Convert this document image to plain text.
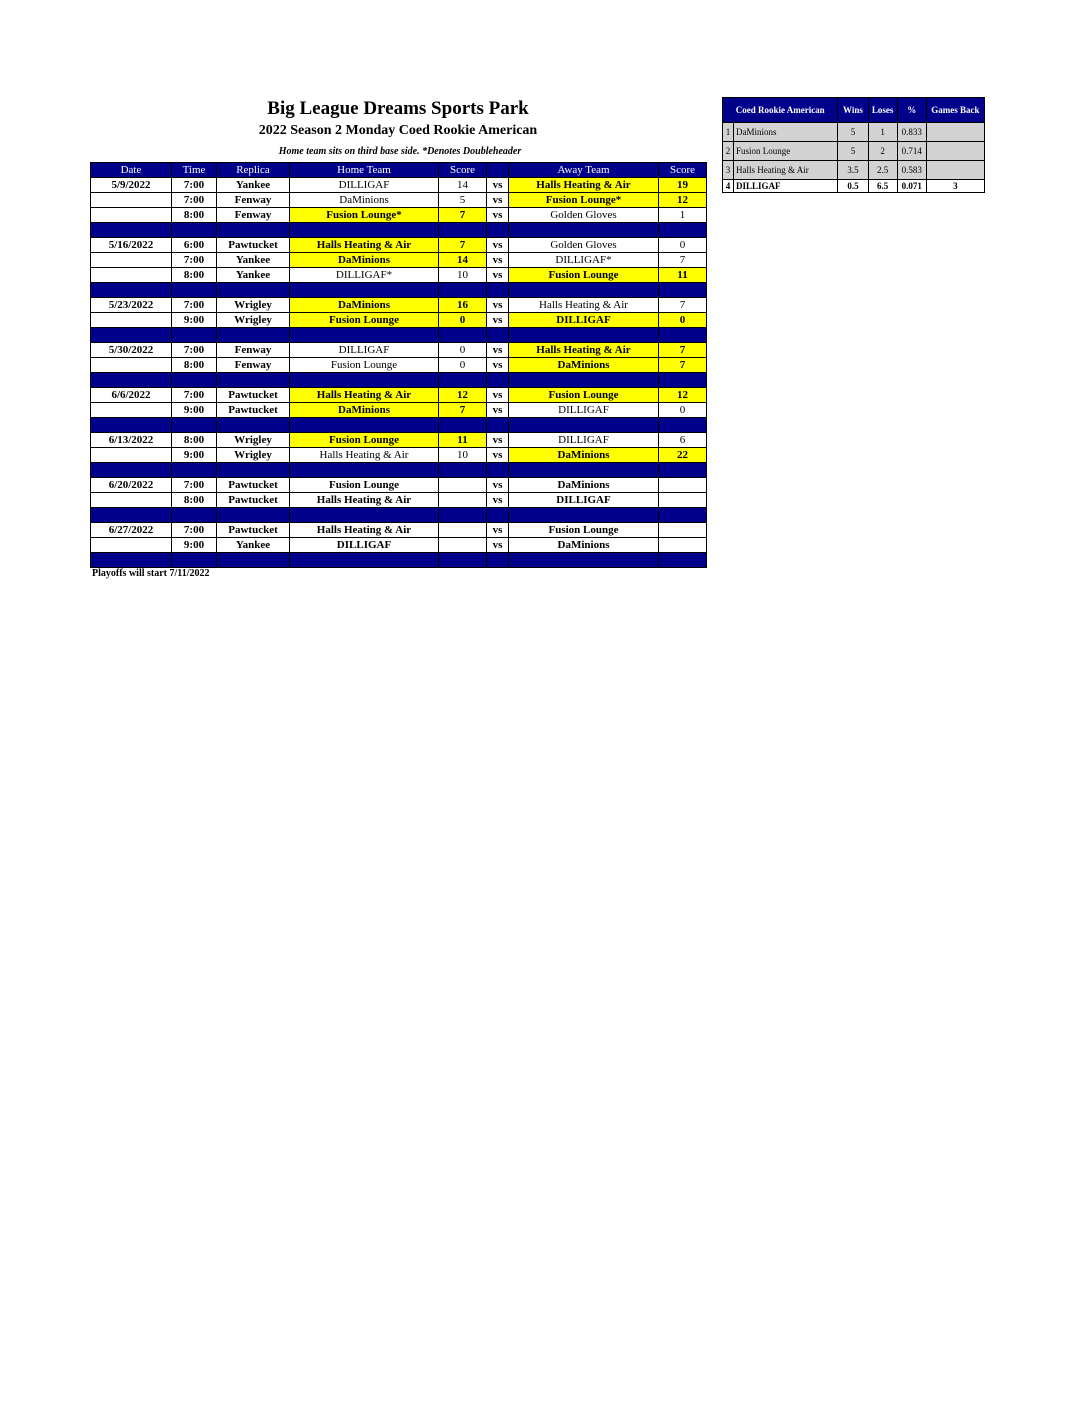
Big League Dreams Sports Park
2022 Season 2 Monday Coed Rookie American
Home team sits on third base side. *Denotes Doubleheader
Date	Time	Replica	Home Team	Score		Away Team	Score
5/9/2022	7:00	Yankee	DILLIGAF	14	vs	Halls Heating & Air	19
	7:00	Fenway	DaMinions	5	vs	Fusion Lounge*	12
	8:00	Fenway	Fusion Lounge*	7	vs	Golden Gloves	1

5/16/2022	6:00	Pawtucket	Halls Heating & Air	7	vs	Golden Gloves	0
	7:00	Yankee	DaMinions	14	vs	DILLIGAF*	7
	8:00	Yankee	DILLIGAF*	10	vs	Fusion Lounge	11

5/23/2022	7:00	Wrigley	DaMinions	16	vs	Halls Heating & Air	7
	9:00	Wrigley	Fusion Lounge	0	vs	DILLIGAF	0

5/30/2022	7:00	Fenway	DILLIGAF	0	vs	Halls Heating & Air	7
	8:00	Fenway	Fusion Lounge	0	vs	DaMinions	7

6/6/2022	7:00	Pawtucket	Halls Heating & Air	12	vs	Fusion Lounge	12
	9:00	Pawtucket	DaMinions	7	vs	DILLIGAF	0

6/13/2022	8:00	Wrigley	Fusion Lounge	11	vs	DILLIGAF	6
	9:00	Wrigley	Halls Heating & Air	10	vs	DaMinions	22

6/20/2022	7:00	Pawtucket	Fusion Lounge		vs	DaMinions	
	8:00	Pawtucket	Halls Heating & Air		vs	DILLIGAF	

6/27/2022	7:00	Pawtucket	Halls Heating & Air		vs	Fusion Lounge	
	9:00	Yankee	DILLIGAF		vs	DaMinions	

Playoffs will start 7/11/2022
Coed Rookie American		Wins	Loses	%	Games Back
1	DaMinions	5	1	0.833	
2	Fusion Lounge	5	2	0.714	
3	Halls Heating & Air	3.5	2.5	0.583	
4	DILLIGAF	0.5	6.5	0.071	3
